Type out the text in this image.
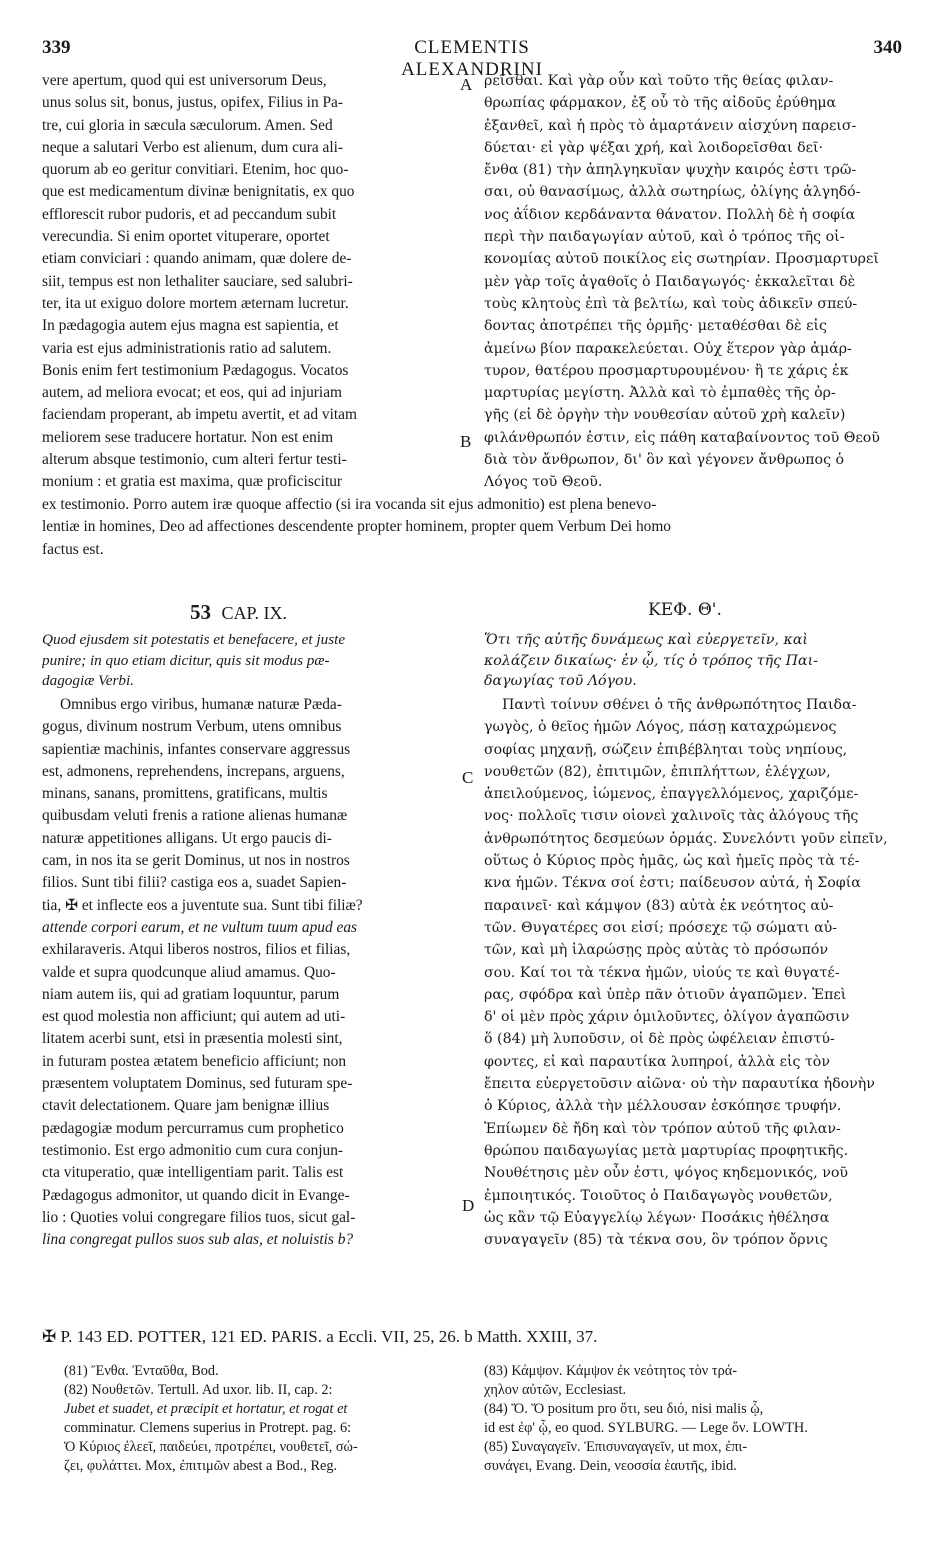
339	CLEMENTIS ALEXANDRINI
340
A
B
C
D
vere apertum, quod qui est universorum Deus,
unus solus sit, bonus, justus, opifex, Filius in Pa-
tre, cui gloria in sæcula sæculorum. Amen. Sed
neque a salutari Verbo est alienum, dum cura ali-
quorum ab eo geritur convitiari. Etenim, hoc quo-
que est medicamentum divinæ benignitatis, ex quo
efflorescit rubor pudoris, et ad peccandum subit
verecundia. Si enim oportet vituperare, oportet
etiam conviciari : quando animam, quæ dolere de-
siit, tempus est non lethaliter sauciare, sed salubri-
ter, ita ut exiguo dolore mortem æternam lucretur.
In pædagogia autem ejus magna est sapientia, et
varia est ejus administrationis ratio ad salutem.
Bonis enim fert testimonium Pædagogus. Vocatos
autem, ad meliora evocat; et eos, qui ad injuriam
faciendam properant, ab impetu avertit, et ad vitam
meliorem sese traducere hortatur. Non est enim
alterum absque testimonio, cum alteri fertur testi-
monium : et gratia est maxima, quæ proficiscitur
ρεῖσθαι. Καὶ γὰρ οὖν καὶ τοῦτο τῆς θείας φιλαν-
θρωπίας φάρμακον, ἐξ οὗ τὸ τῆς αἰδοῦς ἐρύθημα
ἐξανθεῖ, καὶ ἡ πρὸς τὸ ἁμαρτάνειν αἰσχύνη παρεισ-
δύεται· εἰ γὰρ ψέξαι χρή, καὶ λοιδορεῖσθαι δεῖ·
ἔνθα (81) τὴν ἀπηλγηκυῖαν ψυχὴν καιρός ἐστι τρῶ-
σαι, οὐ θανασίμως, ἀλλὰ σωτηρίως, ὀλίγης ἀλγηδό-
νος ἀΐδιον κερδάναντα θάνατον. Πολλὴ δὲ ἡ σοφία
περὶ τὴν παιδαγωγίαν αὐτοῦ, καὶ ὁ τρόπος τῆς οἰ-
κονομίας αὐτοῦ ποικίλος εἰς σωτηρίαν. Προσμαρτυρεῖ
μὲν γὰρ τοῖς ἀγαθοῖς ὁ Παιδαγωγός· ἐκκαλεῖται δὲ
τοὺς κλητοὺς ἐπὶ τὰ βελτίω, καὶ τοὺς ἀδικεῖν σπεύ-
δοντας ἀποτρέπει τῆς ὁρμῆς· μεταθέσθαι δὲ εἰς
ἀμείνω βίον παρακελεύεται. Οὐχ ἕτερον γὰρ ἀμάρ-
τυρον, θατέρου προσμαρτυρουμένου· ἢ τε χάρις ἐκ
μαρτυρίας μεγίστη. Ἀλλὰ καὶ τὸ ἐμπαθὲς τῆς ὀρ-
γῆς (εἰ δὲ ὀργὴν τὴν νουθεσίαν αὐτοῦ χρὴ καλεῖν)
φιλάνθρωπόν ἐστιν, εἰς πάθη καταβαίνοντος τοῦ Θεοῦ
διὰ τὸν ἄνθρωπον, δι' ὃν καὶ γέγονεν ἄνθρωπος ὁ
Λόγος τοῦ Θεοῦ.
ex testimonio. Porro autem iræ quoque affectio (si ira vocanda sit ejus admonitio) est plena benevo-
lentiæ in homines, Deo ad affectiones descendente propter hominem, propter quem Verbum Dei homo
factus est.
53 CAP. IX.	ΚΕΦ. Θ'.
Quod ejusdem sit potestatis et benefacere, et juste
punire; in quo etiam dicitur, quis sit modus pæ-
dagogiæ Verbi.
Ὅτι τῆς αὐτῆς δυνάμεως καὶ εὐεργετεῖν, καὶ
κολάζειν δικαίως· ἐν ᾧ, τίς ὁ τρόπος τῆς Παι-
δαγωγίας τοῦ Λόγου.
Omnibus ergo viribus, humanæ naturæ Pæda-
gogus, divinum nostrum Verbum, utens omnibus
sapientiæ machinis, infantes conservare aggressus
est, admonens, reprehendens, increpans, arguens,
minans, sanans, promittens, gratificans, multis
quibusdam veluti frenis a ratione alienas humanæ
naturæ appetitiones alligans. Ut ergo paucis di-
cam, in nos ita se gerit Dominus, ut nos in nostros
filios. Sunt tibi filii? castiga eos a, suadet Sapien-
tia, ✠ et inflecte eos a juventute sua. Sunt tibi filiæ?
attende corpori earum, et ne vultum tuum apud eas
exhilaraveris. Atqui liberos nostros, filios et filias,
valde et supra quodcunque aliud amamus. Quo-
niam autem iis, qui ad gratiam loquuntur, parum
est quod molestia non afficiunt; qui autem ad uti-
litatem acerbi sunt, etsi in præsentia molesti sint,
in futuram postea ætatem beneficio afficiunt; non
præsentem voluptatem Dominus, sed futuram spe-
ctavit delectationem. Quare jam benignæ illius
pædagogiæ modum percurramus cum prophetico
testimonio. Est ergo admonitio cum cura conjun-
cta vituperatio, quæ intelligentiam parit. Talis est
Pædagogus admonitor, ut quando dicit in Evange-
lio : Quoties volui congregare filios tuos, sicut gal-
lina congregat pullos suos sub alas, et noluistis b?
Παντὶ τοίνυν σθένει ὁ τῆς ἀνθρωπότητος Παιδα-
γωγὸς, ὁ θεῖος ἡμῶν Λόγος, πάσῃ καταχρώμενος
σοφίας μηχανῇ, σώζειν ἐπιβέβληται τοὺς νηπίους,
νουθετῶν (82), ἐπιτιμῶν, ἐπιπλήττων, ἐλέγχων,
ἀπειλούμενος, ἰώμενος, ἐπαγγελλόμενος, χαριζόμε-
νος· πολλοῖς τισιν οἱονεὶ χαλινοῖς τὰς ἀλόγους τῆς
ἀνθρωπότητος δεσμεύων ὁρμάς. Συνελόντι γοῦν εἰπεῖν,
οὕτως ὁ Κύριος πρὸς ἡμᾶς, ὡς καὶ ἡμεῖς πρὸς τὰ τέ-
κνα ἡμῶν. Τέκνα σοί ἐστι; παίδευσον αὐτά, ἡ Σοφία
παραινεῖ· καὶ κάμψον (83) αὐτὰ ἐκ νεότητος αὐ-
τῶν. Θυγατέρες σοι εἰσί; πρόσεχε τῷ σώματι αὐ-
τῶν, καὶ μὴ ἱλαρώσῃς πρὸς αὐτὰς τὸ πρόσωπόν
σου. Καί τοι τὰ τέκνα ἡμῶν, υἱούς τε καὶ θυγατέ-
ρας, σφόδρα καὶ ὑπὲρ πᾶν ὁτιοῦν ἀγαπῶμεν. Ἐπεὶ
δ' οἱ μὲν πρὸς χάριν ὁμιλοῦντες, ὀλίγον ἀγαπῶσιν
ὅ (84) μὴ λυποῦσιν, οἱ δὲ πρὸς ὠφέλειαν ἐπιστύ-
φοντες, εἰ καὶ παραυτίκα λυπηροί, ἀλλὰ εἰς τὸν
ἔπειτα εὐεργετοῦσιν αἰῶνα· οὐ τὴν παραυτίκα ἡδονὴν
ὁ Κύριος, ἀλλὰ τὴν μέλλουσαν ἐσκόπησε τρυφήν.
Ἐπίωμεν δὲ ἤδη καὶ τὸν τρόπον αὐτοῦ τῆς φιλαν-
θρώπου παιδαγωγίας μετὰ μαρτυρίας προφητικῆς.
Νουθέτησις μὲν οὖν ἐστι, ψόγος κηδεμονικός, νοῦ
ἐμποιητικός. Τοιοῦτος ὁ Παιδαγωγὸς νουθετῶν,
ὡς κἂν τῷ Εὐαγγελίῳ λέγων· Ποσάκις ἠθέλησα
συναγαγεῖν (85) τὰ τέκνα σου, ὃν τρόπον ὄρνις
✠ P. 143 ED. POTTER, 121 ED. PARIS. a Eccli. VII, 25, 26. b Matth. XXIII, 37.
(81) Ἔνθα. Ἐνταῦθα, Bod.
(82) Νουθετῶν. Tertull. Ad uxor. lib. II, cap. 2:
Jubet et suadet, et præcipit et hortatur, et rogat et
comminatur. Clemens superius in Protrept. pag. 6:
Ὁ Κύριος ἐλεεῖ, παιδεύει, προτρέπει, νουθετεῖ, σώ-
ζει, φυλάττει. Mox, ἐπιτιμῶν abest a Bod., Reg.
(83) Κάμψον. Κάμψον ἐκ νεότητος τὸν τρά-
χηλον αὐτῶν, Ecclesiast.
(84) Ὅ. Ὅ positum pro ὅτι, seu διό, nisi malis ᾧ,
id est ἐφ' ᾧ, eo quod. SYLBURG. — Lege ὅν. LOWTH.
(85) Συναγαγεῖν. Ἐπισυναγαγεῖν, ut mox, ἐπι-
συνάγει, Evang. Dein, νεοσσία ἑαυτῆς, ibid.
